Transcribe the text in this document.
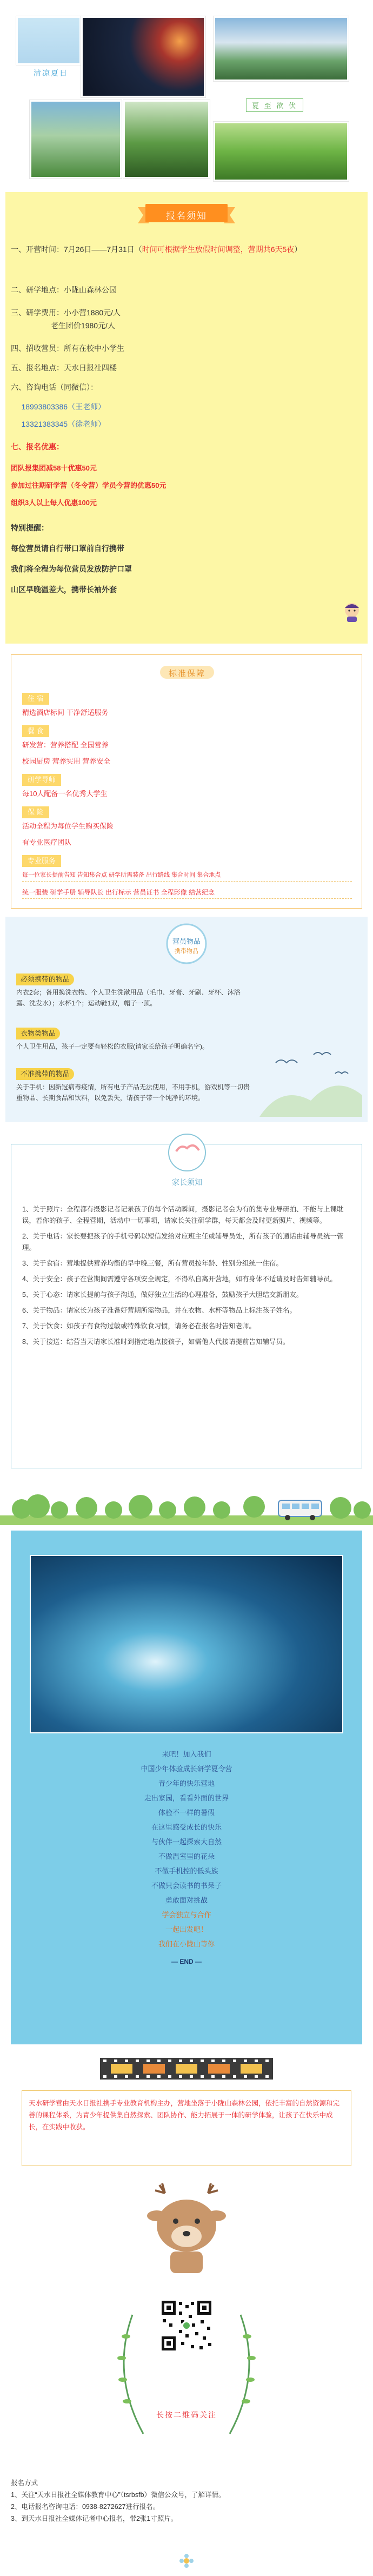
清凉夏日
夏 至 欲 伏
报名须知
一、开营时间：7月26日——7月31日（时间可根据学生放假时间调整，营期共6天5夜）
二、研学地点：小陇山森林公园
三、研学费用：小小营1880元/人
老生团价1980元/人
四、招收营员：所有在校中小学生
五、报名地点：天水日报社四楼
六、咨询电话（同微信）：
18993803386（王老师）
13321383345（徐老师）
七、报名优惠：
团队报集团减58十优惠50元
参加过往期研学营（冬令营）学员今营的优惠50元
组织3人以上每人优惠100元
特别提醒：
每位营员请自行带口罩前自行携带
我们将全程为每位营员发放防护口罩
山区早晚温差大，携带长袖外套
标准保障
住 宿
精选酒店标间 干净舒适服务
餐 食
研发营：营养搭配 全园营养
校园厨房 营养实用 营养安全
研学导师
每10人配备一名优秀大学生
保 险
活动全程为每位学生购买保险
有专业医疗团队
专业服务
每一位家长提前告知 告知集合点 研学所需装备 出行路线 集合时间 集合地点
统一服装 研学手册 辅导队长 出行标示 营员证书 全程影像 结营纪念
营员物品
携带物品
必须携带的物品
内衣2套；备用换洗衣物、个人卫生洗漱用品（毛巾、牙膏、牙刷、牙杯、沐浴露、洗发水）；水杯1个；运动鞋1双，帽子一顶。
衣物类物品
个人卫生用品，孩子一定要有轻松的衣服(请家长给孩子明确名字)。
不准携带的物品
关于手机：因新冠病毒疫情，所有电子产品无法使用，不用手机，游戏机等一切贵重物品、长期食品和饮料，以免丢失，请孩子带一个纯净的环境。
家长须知

1、关于照片：全程都有摄影记者记录孩子的每个活动瞬间，摄影记者会为有的集专业导研拍、不能与上课耽误，若你的孩子、全程营期，活动中一切事项，请家长关注研学群，每天都会及时更新照片、视频等。

2、关于电话：家长要把孩子的手机号码以短信发给对应班主任或辅导员处，所有孩子的通话由辅导员统一管理。

3、关于食宿：营地提供营养均衡的早中晚三餐，所有营员按年龄、性别分组统一住宿。

4、关于安全：孩子在营期间需遵守各项安全规定，不得私自离开营地，如有身体不适请及时告知辅导员。

5、关于心态：请家长提前与孩子沟通，做好独立生活的心理准备，鼓励孩子大胆结交新朋友。

6、关于物品：请家长为孩子准备好营期所需物品，并在衣物、水杯等物品上标注孩子姓名。

7、关于饮食：如孩子有食物过敏或特殊饮食习惯，请务必在报名时告知老师。

8、关于接送：结营当天请家长准时到指定地点接孩子，如需他人代接请提前告知辅导员。

来吧！加入我们
中国少年体验成长研学夏令营
青少年的快乐营地
走出家园，看看外面的世界
体验不一样的暑假
在这里感受成长的快乐
与伙伴一起探索大自然
不做温室里的花朵
不做手机控的低头族
不做只会读书的书呆子
勇敢面对挑战
学会独立与合作
一起出发吧！
我们在小陇山等你
— END —
天水研学营由天水日报社携手专业教育机构主办，营地坐落于小陇山森林公园，依托丰富的自然资源和完善的课程体系，为青少年提供集自然探索、团队协作、能力拓展于一体的研学体验，让孩子在快乐中成长，在实践中收获。
长按二维码关注
报名方式
1、关注“天水日报社全媒体教育中心”（tsrbsfb）微信公众号，了解详情。
2、电话报名咨询电话：0938-8272627进行报名。
3、到天水日报社全媒体记者中心报名，带2张1寸照片。
